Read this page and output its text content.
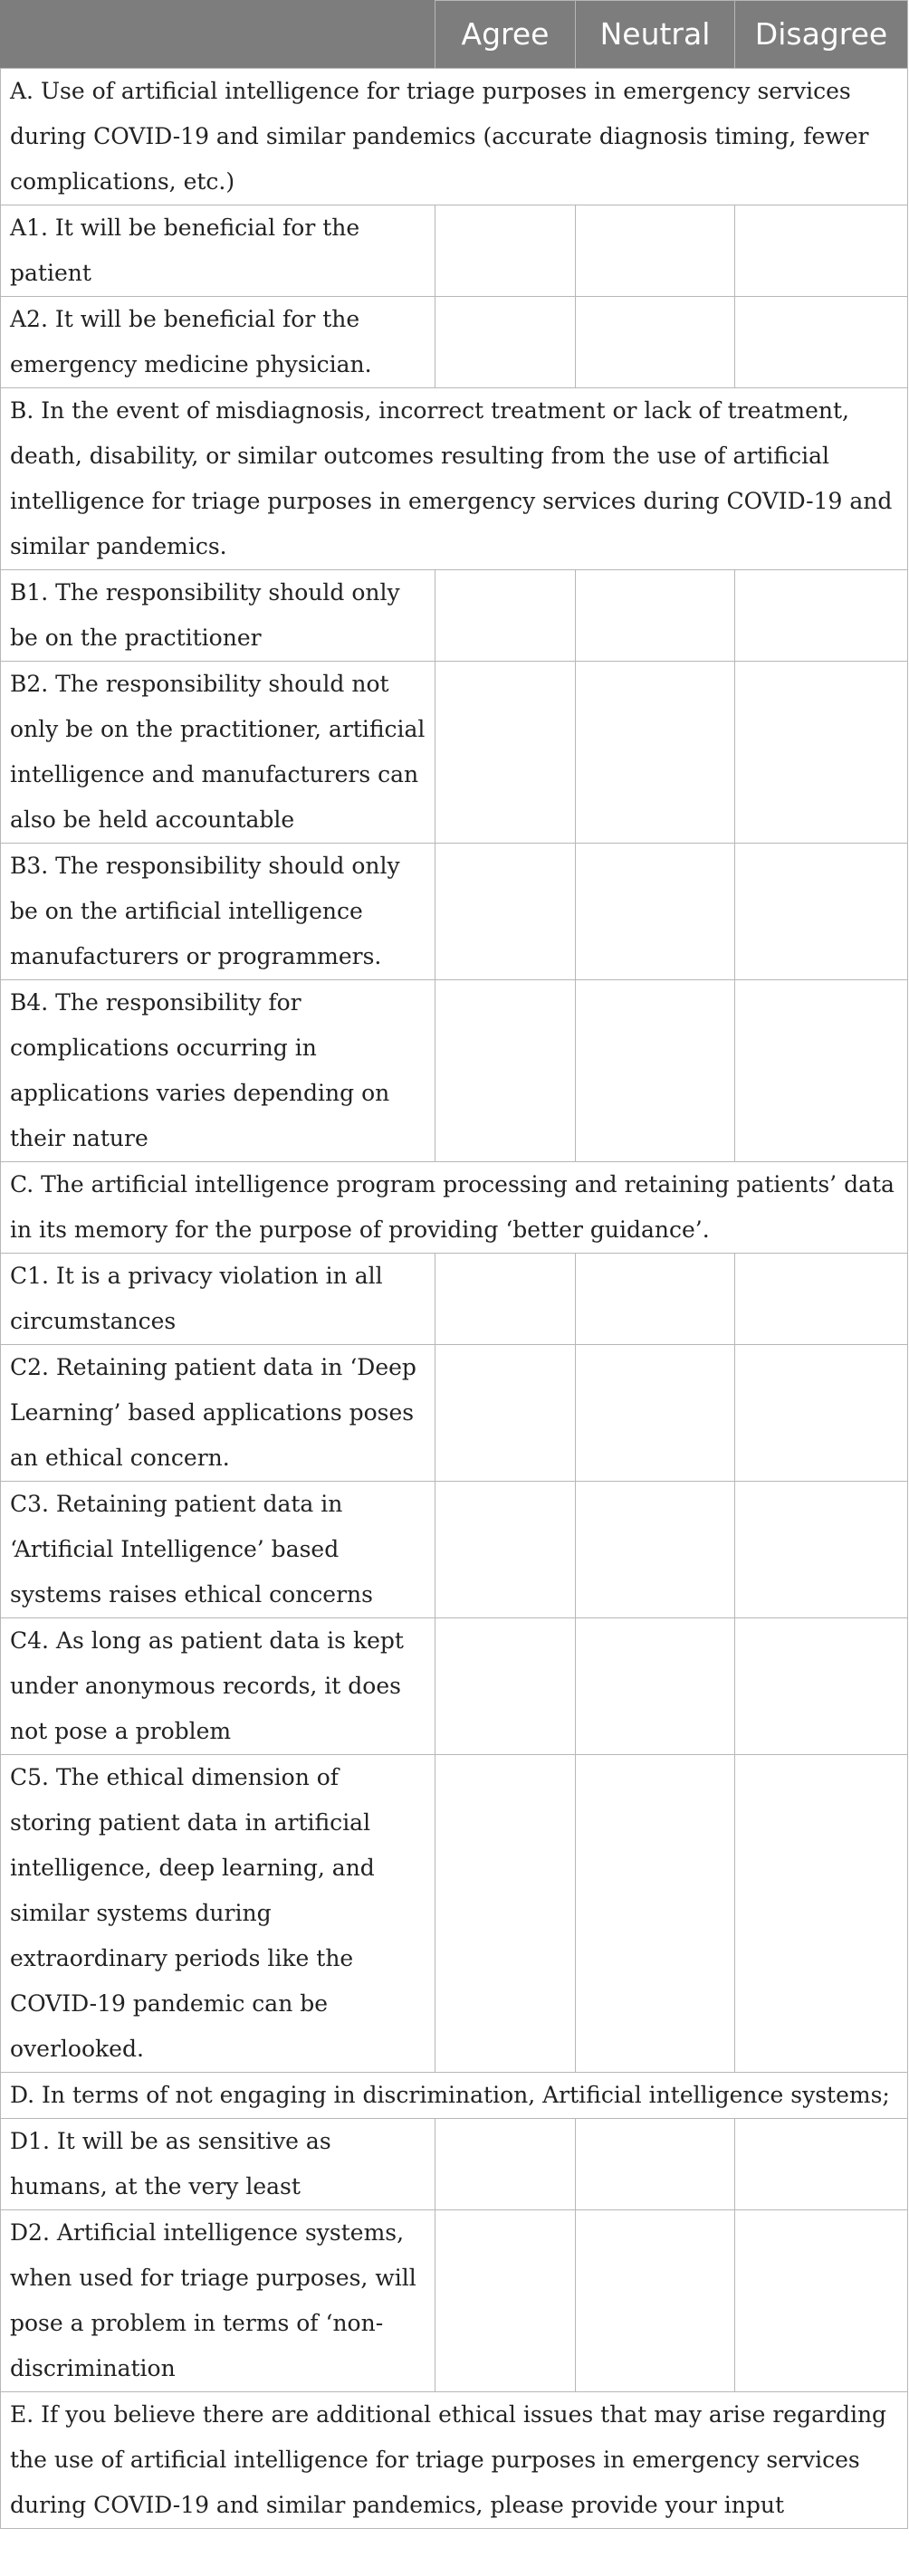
	Agree	Neutral	Disagree
A. Use of artificial intelligence for triage purposes in emergency services during COVID-19 and similar pandemics (accurate diagnosis timing, fewer complications, etc.)			
A1. It will be beneficial for the patient			
A2. It will be beneficial for the emergency medicine physician.			
B. In the event of misdiagnosis, incorrect treatment or lack of treatment, death, disability, or similar outcomes resulting from the use of artificial intelligence for triage purposes in emergency services during COVID-19 and similar pandemics.			
B1. The responsibility should only be on the practitioner			
B2. The responsibility should not only be on the practitioner, artificial intelligence and manufacturers can also be held accountable			
B3. The responsibility should only be on the artificial intelligence manufacturers or programmers.			
B4. The responsibility for complications occurring in applications varies depending on their nature			
C. The artificial intelligence program processing and retaining patients’ data in its memory for the purpose of providing ‘better guidance’.			
C1. It is a privacy violation in all circumstances			
C2. Retaining patient data in ‘Deep Learning’ based applications poses an ethical concern.			
C3. Retaining patient data in ‘Artificial Intelligence’ based systems raises ethical concerns			
C4. As long as patient data is kept under anonymous records, it does not pose a problem			
C5. The ethical dimension of storing patient data in artificial intelligence, deep learning, and similar systems during extraordinary periods like the COVID-19 pandemic can be overlooked.			
D. In terms of not engaging in discrimination, Artificial intelligence systems;			
D1. It will be as sensitive as humans, at the very least			
D2. Artificial intelligence systems, when used for triage purposes, will pose a problem in terms of ‘non-discrimination			
E. If you believe there are additional ethical issues that may arise regarding the use of artificial intelligence for triage purposes in emergency services during COVID-19 and similar pandemics, please provide your input			
